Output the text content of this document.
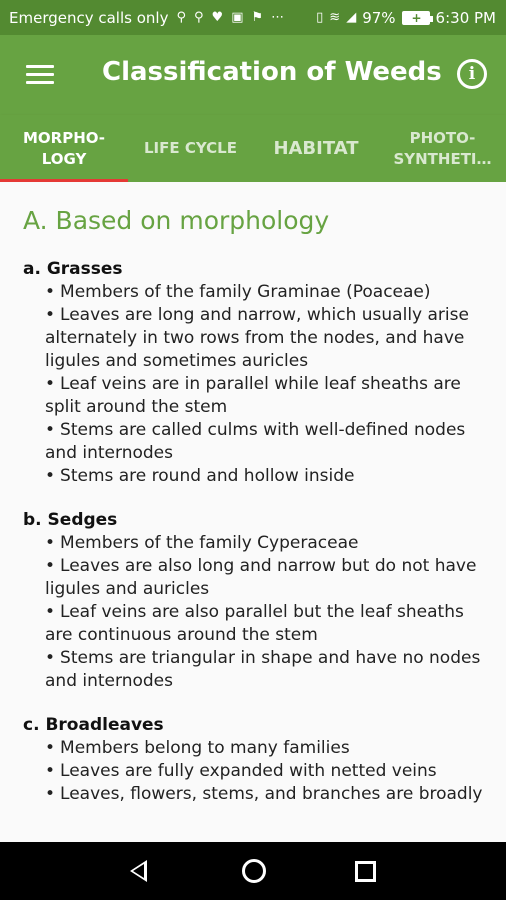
Emergency calls only ⚲ ⚲ ♥ ▣ ⚑ ⋯ ▯ ≋ ◢ 97% + 6:30 PM
Classification of Weeds	i
MORPHO-
LOGY
LIFE CYCLE HABITAT
PHOTO-
SYNTHETI…
A. Based on morphology
a. Grasses
• Members of the family Graminae (Poaceae)
• Leaves are long and narrow, which usually arise alternately in two rows from the nodes, and have ligules and sometimes auricles
• Leaf veins are in parallel while leaf sheaths are split around the stem
• Stems are called culms with well-defined nodes and internodes
• Stems are round and hollow inside
b. Sedges
• Members of the family Cyperaceae
• Leaves are also long and narrow but do not have ligules and auricles
• Leaf veins are also parallel but the leaf sheaths are continuous around the stem
• Stems are triangular in shape and have no nodes and internodes
c. Broadleaves
• Members belong to many families
• Leaves are fully expanded with netted veins
• Leaves, flowers, stems, and branches are broadly
